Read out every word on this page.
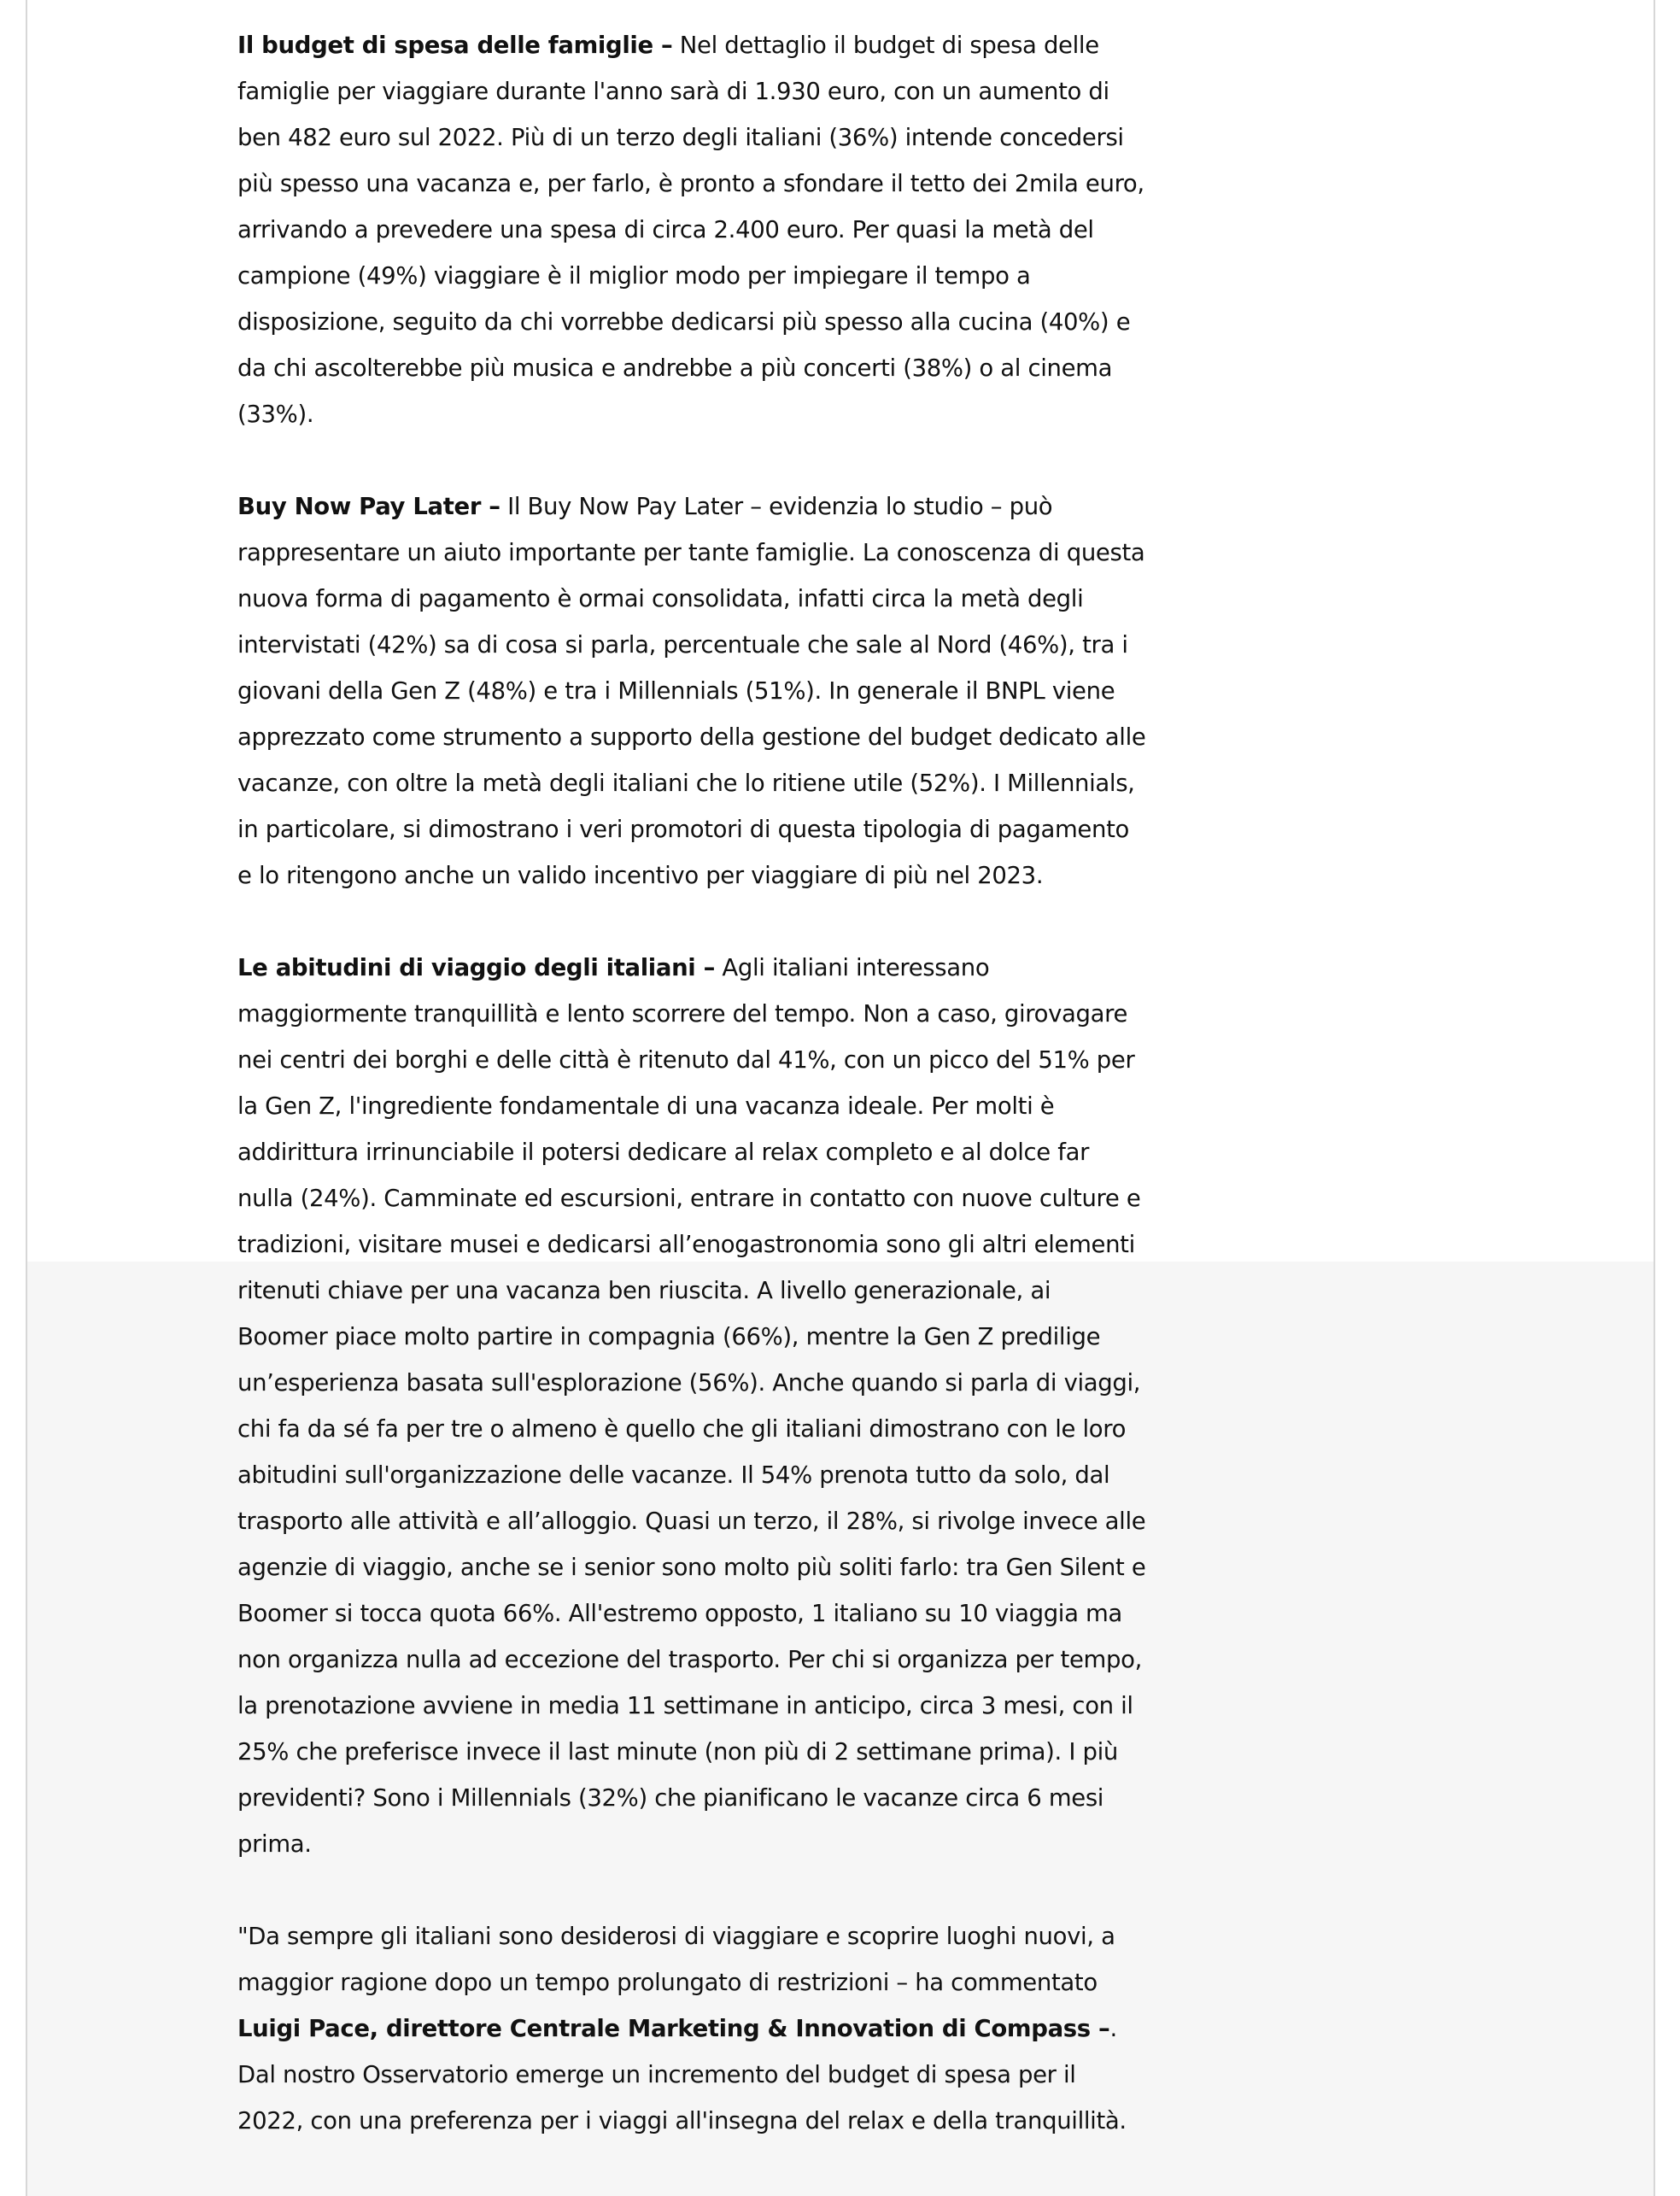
Il budget di spesa delle famiglie – Nel dettaglio il budget di spesa delle famiglie per viaggiare durante l'anno sarà di 1.930 euro, con un aumento di ben 482 euro sul 2022. Più di un terzo degli italiani (36%) intende concedersi più spesso una vacanza e, per farlo, è pronto a sfondare il tetto dei 2mila euro, arrivando a prevedere una spesa di circa 2.400 euro. Per quasi la metà del campione (49%) viaggiare è il miglior modo per impiegare il tempo a disposizione, seguito da chi vorrebbe dedicarsi più spesso alla cucina (40%) e da chi ascolterebbe più musica e andrebbe a più concerti (38%) o al cinema (33%).

Buy Now Pay Later – Il Buy Now Pay Later – evidenzia lo studio – può rappresentare un aiuto importante per tante famiglie. La conoscenza di questa nuova forma di pagamento è ormai consolidata, infatti circa la metà degli intervistati (42%) sa di cosa si parla, percentuale che sale al Nord (46%), tra i giovani della Gen Z (48%) e tra i Millennials (51%). In generale il BNPL viene apprezzato come strumento a supporto della gestione del budget dedicato alle vacanze, con oltre la metà degli italiani che lo ritiene utile (52%). I Millennials, in particolare, si dimostrano i veri promotori di questa tipologia di pagamento e lo ritengono anche un valido incentivo per viaggiare di più nel 2023.

Le abitudini di viaggio degli italiani – Agli italiani interessano maggiormente tranquillità e lento scorrere del tempo. Non a caso, girovagare nei centri dei borghi e delle città è ritenuto dal 41%, con un picco del 51% per la Gen Z, l'ingrediente fondamentale di una vacanza ideale. Per molti è addirittura irrinunciabile il potersi dedicare al relax completo e al dolce far nulla (24%). Camminate ed escursioni, entrare in contatto con nuove culture e tradizioni, visitare musei e dedicarsi all’enogastronomia sono gli altri elementi ritenuti chiave per una vacanza ben riuscita. A livello generazionale, ai Boomer piace molto partire in compagnia (66%), mentre la Gen Z predilige un’esperienza basata sull'esplorazione (56%). Anche quando si parla di viaggi, chi fa da sé fa per tre o almeno è quello che gli italiani dimostrano con le loro abitudini sull'organizzazione delle vacanze. Il 54% prenota tutto da solo, dal trasporto alle attività e all’alloggio. Quasi un terzo, il 28%, si rivolge invece alle agenzie di viaggio, anche se i senior sono molto più soliti farlo: tra Gen Silent e Boomer si tocca quota 66%. All'estremo opposto, 1 italiano su 10 viaggia ma non organizza nulla ad eccezione del trasporto. Per chi si organizza per tempo, la prenotazione avviene in media 11 settimane in anticipo, circa 3 mesi, con il 25% che preferisce invece il last minute (non più di 2 settimane prima). I più previdenti? Sono i Millennials (32%) che pianificano le vacanze circa 6 mesi prima.

"Da sempre gli italiani sono desiderosi di viaggiare e scoprire luoghi nuovi, a maggior ragione dopo un tempo prolungato di restrizioni – ha commentato Luigi Pace, direttore Centrale Marketing & Innovation di Compass –. Dal nostro Osservatorio emerge un incremento del budget di spesa per il 2022, con una preferenza per i viaggi all'insegna del relax e della tranquillità.
